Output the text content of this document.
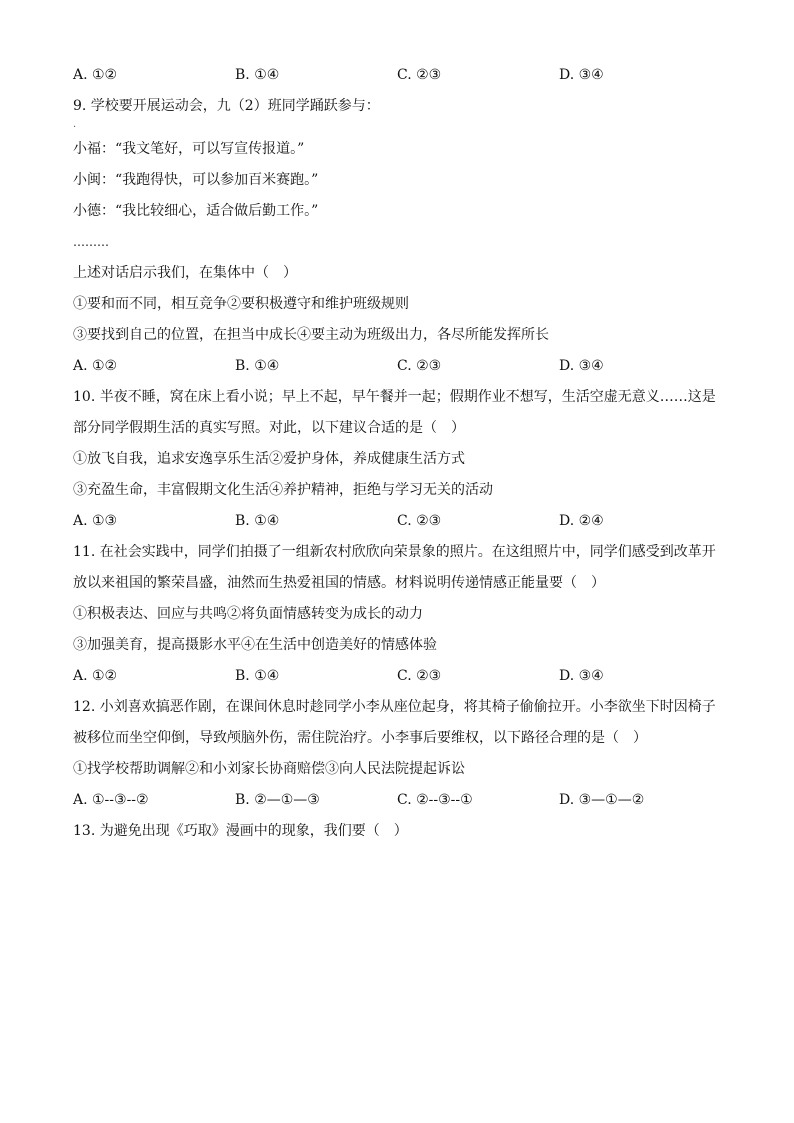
A. ①②	B. ①④	C. ②③	D. ③④
9. 学校要开展运动会，九（2）班同学踊跃参与：
·
小福：“我文笔好，可以写宣传报道。”
小闽：“我跑得快，可以参加百米赛跑。”
小德：“我比较细心，适合做后勤工作。”
………
上述对话启示我们，在集体中（　）
①要和而不同，相互竞争②要积极遵守和维护班级规则
③要找到自己的位置，在担当中成长④要主动为班级出力，各尽所能发挥所长
A. ①②	B. ①④	C. ②③	D. ③④
10. 半夜不睡，窝在床上看小说；早上不起，早午餐并一起；假期作业不想写，生活空虚无意义……这是部分同学假期生活的真实写照。对此，以下建议合适的是（　）
①放飞自我，追求安逸享乐生活②爱护身体，养成健康生活方式
③充盈生命，丰富假期文化生活④养护精神，拒绝与学习无关的活动
A. ①③	B. ①④	C. ②③	D. ②④
11. 在社会实践中，同学们拍摄了一组新农村欣欣向荣景象的照片。在这组照片中，同学们感受到改革开放以来祖国的繁荣昌盛，油然而生热爱祖国的情感。材料说明传递情感正能量要（　）
①积极表达、回应与共鸣②将负面情感转变为成长的动力
③加强美育，提高摄影水平④在生活中创造美好的情感体验
A. ①②	B. ①④	C. ②③	D. ③④
12. 小刘喜欢搞恶作剧，在课间休息时趁同学小李从座位起身，将其椅子偷偷拉开。小李欲坐下时因椅子被移位而坐空仰倒，导致颅脑外伤，需住院治疗。小李事后要维权，以下路径合理的是（　）
①找学校帮助调解②和小刘家长协商赔偿③向人民法院提起诉讼
A. ①--③--②	B. ②—①—③	C. ②--③--①	D. ③—①—②
13. 为避免出现《巧取》漫画中的现象，我们要（　）
